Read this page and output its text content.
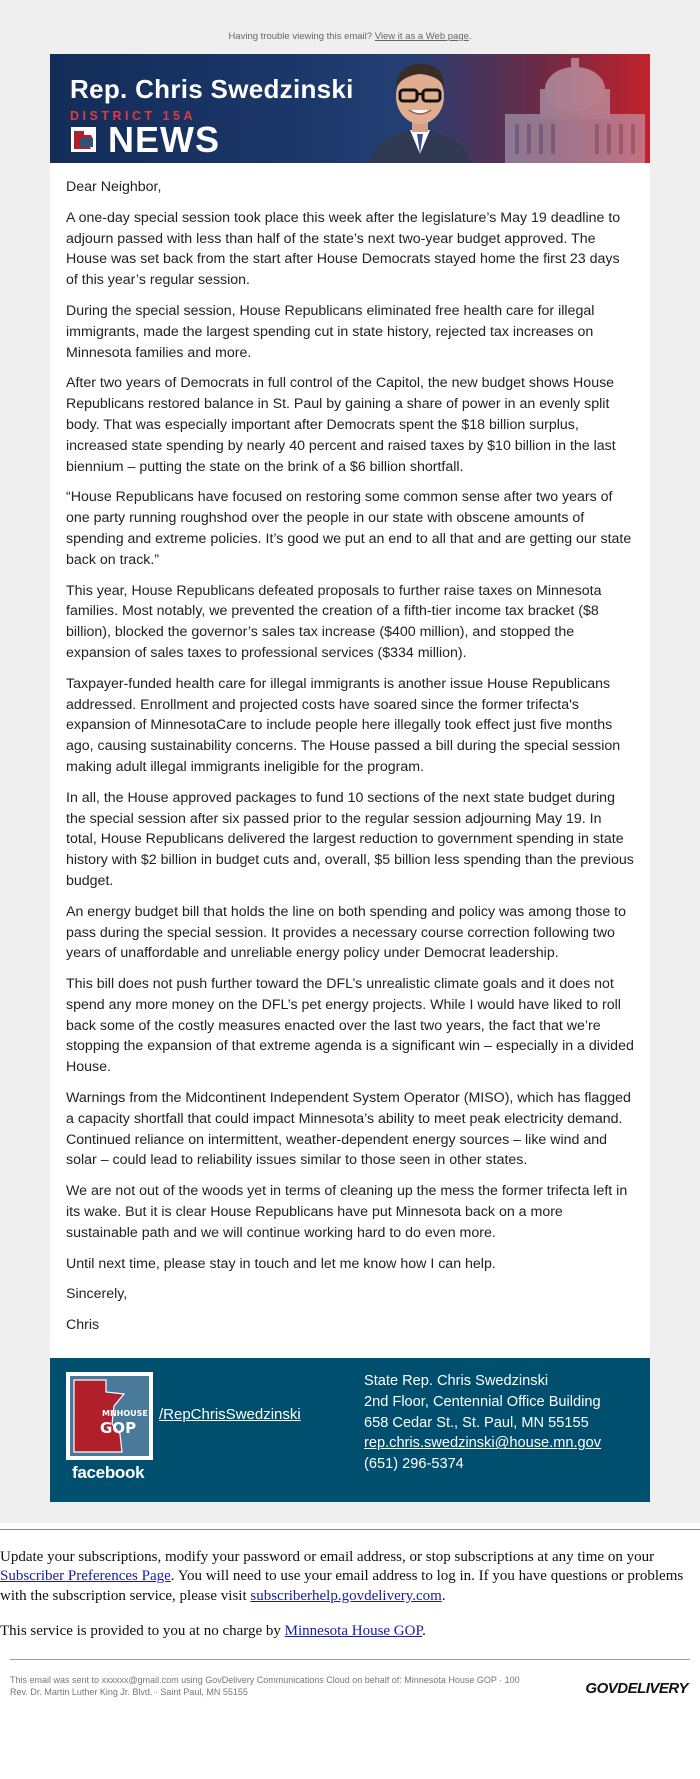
Having trouble viewing this email? View it as a Web page.
Rep. Chris Swedzinski
DISTRICT 15A
NEWS

Dear Neighbor,

A one-day special session took place this week after the legislature’s May 19 deadline to adjourn passed with less than half of the state’s next two-year budget approved. The House was set back from the start after House Democrats stayed home the first 23 days of this year’s regular session.

During the special session, House Republicans eliminated free health care for illegal immigrants, made the largest spending cut in state history, rejected tax increases on Minnesota families and more.

After two years of Democrats in full control of the Capitol, the new budget shows House Republicans restored balance in St. Paul by gaining a share of power in an evenly split body. That was especially important after Democrats spent the $18 billion surplus, increased state spending by nearly 40 percent and raised taxes by $10 billion in the last biennium – putting the state on the brink of a $6 billion shortfall.

“House Republicans have focused on restoring some common sense after two years of one party running roughshod over the people in our state with obscene amounts of spending and extreme policies. It’s good we put an end to all that and are getting our state back on track.”

This year, House Republicans defeated proposals to further raise taxes on Minnesota families. Most notably, we prevented the creation of a fifth-tier income tax bracket ($8 billion), blocked the governor’s sales tax increase ($400 million), and stopped the expansion of sales taxes to professional services ($334 million).

Taxpayer-funded health care for illegal immigrants is another issue House Republicans addressed. Enrollment and projected costs have soared since the former trifecta's expansion of MinnesotaCare to include people here illegally took effect just five months ago, causing sustainability concerns. The House passed a bill during the special session making adult illegal immigrants ineligible for the program.

In all, the House approved packages to fund 10 sections of the next state budget during the special session after six passed prior to the regular session adjourning May 19. In total, House Republicans delivered the largest reduction to government spending in state history with $2 billion in budget cuts and, overall, $5 billion less spending than the previous budget.

An energy budget bill that holds the line on both spending and policy was among those to pass during the special session. It provides a necessary course correction following two years of unaffordable and unreliable energy policy under Democrat leadership.

This bill does not push further toward the DFL’s unrealistic climate goals and it does not spend any more money on the DFL’s pet energy projects. While I would have liked to roll back some of the costly measures enacted over the last two years, the fact that we’re stopping the expansion of that extreme agenda is a significant win – especially in a divided House.

Warnings from the Midcontinent Independent System Operator (MISO), which has flagged a capacity shortfall that could impact Minnesota’s ability to meet peak electricity demand. Continued reliance on intermittent, weather-dependent energy sources – like wind and solar – could lead to reliability issues similar to those seen in other states.

We are not out of the woods yet in terms of cleaning up the mess the former trifecta left in its wake. But it is clear House Republicans have put Minnesota back on a more sustainable path and we will continue working hard to do even more.

Until next time, please stay in touch and let me know how I can help.

Sincerely,

Chris

MNHOUSE
GOP
facebook
/RepChrisSwedzinski
State Rep. Chris Swedzinski
2nd Floor, Centennial Office Building
658 Cedar St., St. Paul, MN 55155
rep.chris.swedzinski@house.mn.gov
(651) 296-5374

Update your subscriptions, modify your password or email address, or stop subscriptions at any time on your Subscriber Preferences Page. You will need to use your email address to log in. If you have questions or problems with the subscription service, please visit subscriberhelp.govdelivery.com.

This service is provided to you at no charge by Minnesota House GOP.

This email was sent to xxxxxx@gmail.com using GovDelivery Communications Cloud on behalf of: Minnesota House GOP · 100 Rev. Dr. Martin Luther King Jr. Blvd. · Saint Paul, MN 55155	GOVDELIVERY
